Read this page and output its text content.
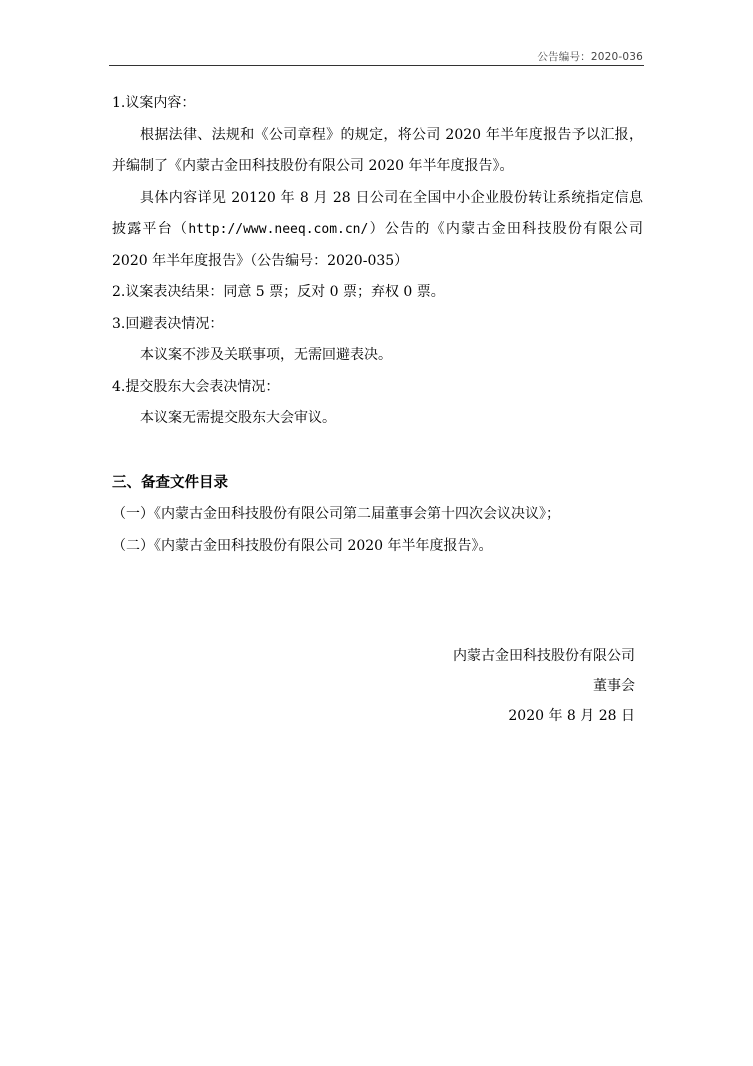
公告编号：2020-036

1.议案内容：

根据法律、法规和《公司章程》的规定，将公司 2020 年半年度报告予以汇报，并编制了《内蒙古金田科技股份有限公司 2020 年半年度报告》。

具体内容详见 20120 年 8 月 28 日公司在全国中小企业股份转让系统指定信息披露平台（http://www.neeq.com.cn/）公告的《内蒙古金田科技股份有限公司 2020 年半年度报告》（公告编号：2020-035）

2.议案表决结果：同意 5 票；反对 0 票；弃权 0 票。

3.回避表决情况：

本议案不涉及关联事项，无需回避表决。

4.提交股东大会表决情况：

本议案无需提交股东大会审议。

三、备查文件目录

（一）《内蒙古金田科技股份有限公司第二届董事会第十四次会议决议》；

（二）《内蒙古金田科技股份有限公司 2020 年半年度报告》。

内蒙古金田科技股份有限公司
董事会
2020 年 8 月 28 日
